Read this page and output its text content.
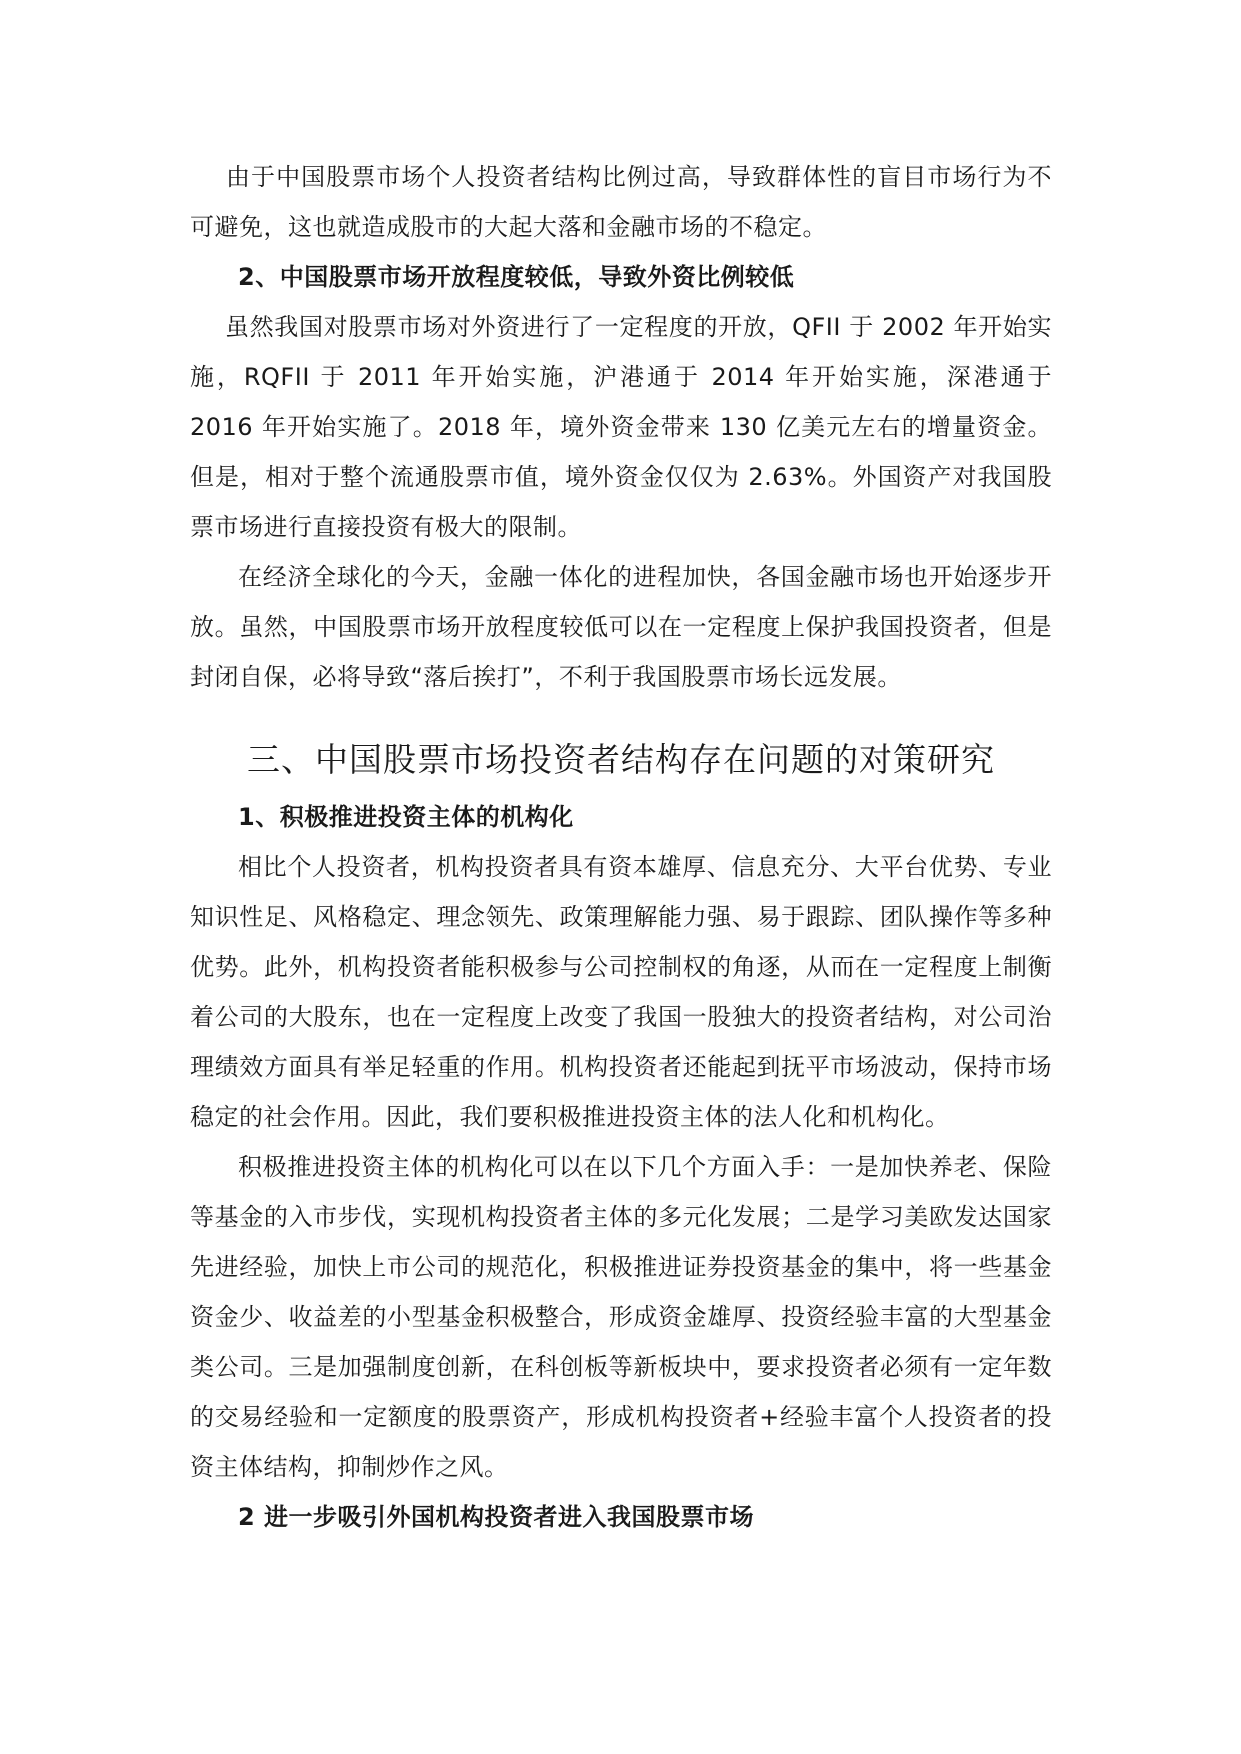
由于中国股票市场个人投资者结构比例过高，导致群体性的盲目市场行为不可避免，这也就造成股市的大起大落和金融市场的不稳定。

2、中国股票市场开放程度较低，导致外资比例较低

虽然我国对股票市场对外资进行了一定程度的开放，QFII 于 2002 年开始实施，RQFII 于 2011 年开始实施，沪港通于 2014 年开始实施，深港通于 2016 年开始实施了。2018 年，境外资金带来 130 亿美元左右的增量资金。但是，相对于整个流通股票市值，境外资金仅仅为 2.63%。外国资产对我国股票市场进行直接投资有极大的限制。

在经济全球化的今天，金融一体化的进程加快，各国金融市场也开始逐步开放。虽然，中国股票市场开放程度较低可以在一定程度上保护我国投资者，但是封闭自保，必将导致“落后挨打”，不利于我国股票市场长远发展。

三、中国股票市场投资者结构存在问题的对策研究

1、积极推进投资主体的机构化

相比个人投资者，机构投资者具有资本雄厚、信息充分、大平台优势、专业知识性足、风格稳定、理念领先、政策理解能力强、易于跟踪、团队操作等多种优势。此外，机构投资者能积极参与公司控制权的角逐，从而在一定程度上制衡着公司的大股东，也在一定程度上改变了我国一股独大的投资者结构，对公司治理绩效方面具有举足轻重的作用。机构投资者还能起到抚平市场波动，保持市场稳定的社会作用。因此，我们要积极推进投资主体的法人化和机构化。

积极推进投资主体的机构化可以在以下几个方面入手：一是加快养老、保险等基金的入市步伐，实现机构投资者主体的多元化发展；二是学习美欧发达国家先进经验，加快上市公司的规范化，积极推进证券投资基金的集中，将一些基金资金少、收益差的小型基金积极整合，形成资金雄厚、投资经验丰富的大型基金类公司。三是加强制度创新，在科创板等新板块中，要求投资者必须有一定年数的交易经验和一定额度的股票资产，形成机构投资者+经验丰富个人投资者的投资主体结构，抑制炒作之风。

2 进一步吸引外国机构投资者进入我国股票市场
